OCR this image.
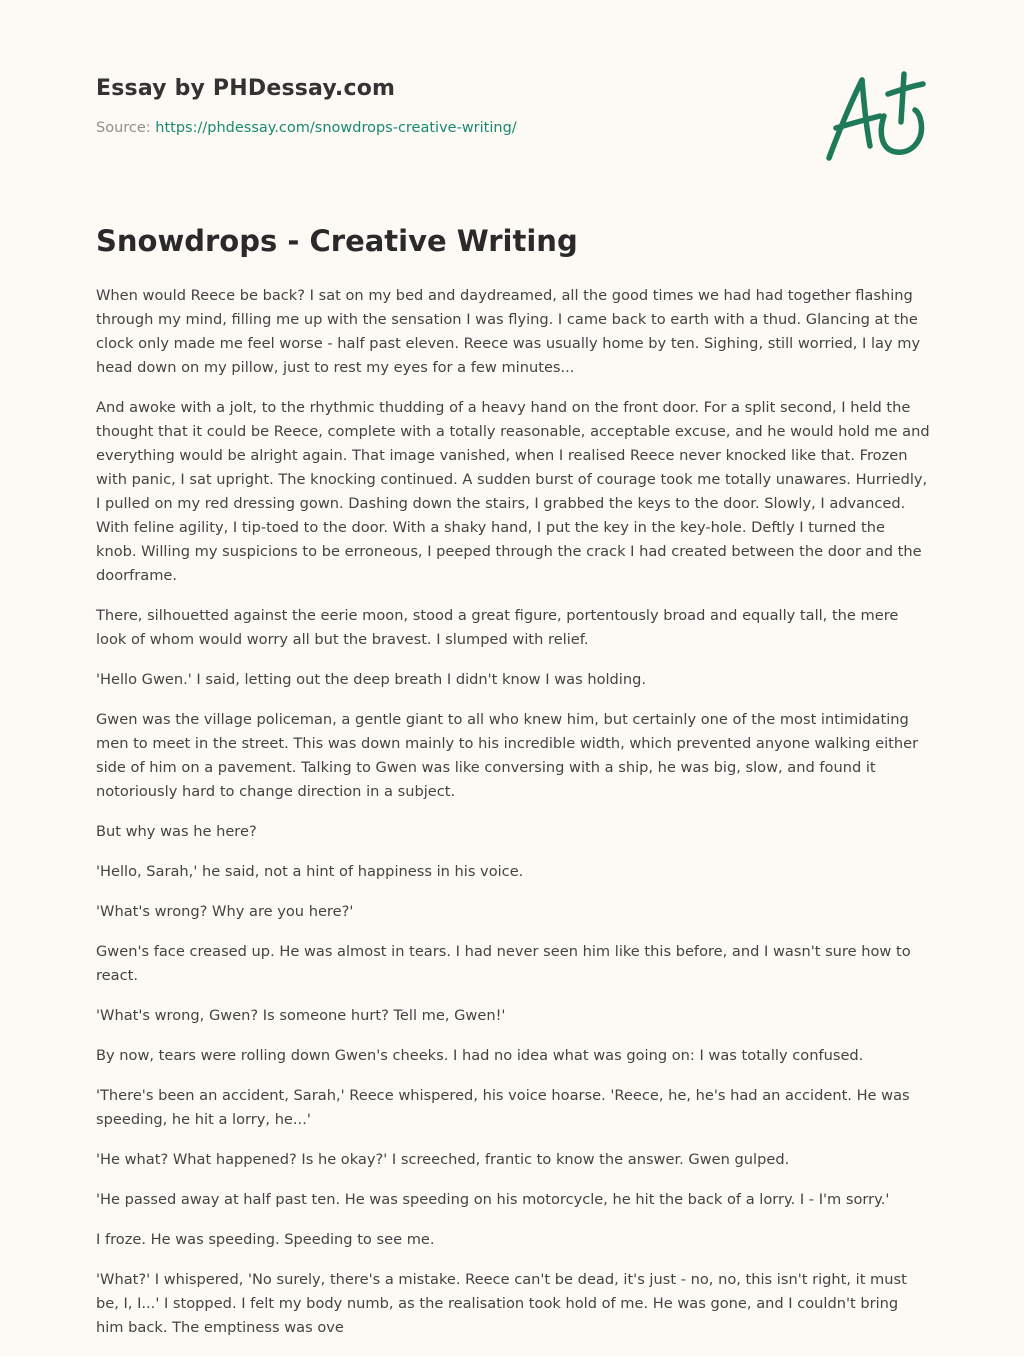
Essay by PHDessay.com
Source: https://phdessay.com/snowdrops-creative-writing/
Snowdrops - Creative Writing

When would Reece be back? I sat on my bed and daydreamed, all the good times we had had together flashing through my mind, filling me up with the sensation I was flying. I came back to earth with a thud. Glancing at the clock only made me feel worse - half past eleven. Reece was usually home by ten. Sighing, still worried, I lay my head down on my pillow, just to rest my eyes for a few minutes...

And awoke with a jolt, to the rhythmic thudding of a heavy hand on the front door. For a split second, I held the thought that it could be Reece, complete with a totally reasonable, acceptable excuse, and he would hold me and everything would be alright again. That image vanished, when I realised Reece never knocked like that. Frozen with panic, I sat upright. The knocking continued. A sudden burst of courage took me totally unawares. Hurriedly, I pulled on my red dressing gown. Dashing down the stairs, I grabbed the keys to the door. Slowly, I advanced. With feline agility, I tip-toed to the door. With a shaky hand, I put the key in the key-hole. Deftly I turned the knob. Willing my suspicions to be erroneous, I peeped through the crack I had created between the door and the doorframe.

There, silhouetted against the eerie moon, stood a great figure, portentously broad and equally tall, the mere look of whom would worry all but the bravest. I slumped with relief.

'Hello Gwen.' I said, letting out the deep breath I didn't know I was holding.

Gwen was the village policeman, a gentle giant to all who knew him, but certainly one of the most intimidating men to meet in the street. This was down mainly to his incredible width, which prevented anyone walking either side of him on a pavement. Talking to Gwen was like conversing with a ship, he was big, slow, and found it notoriously hard to change direction in a subject.

But why was he here?

'Hello, Sarah,' he said, not a hint of happiness in his voice.

'What's wrong? Why are you here?'

Gwen's face creased up. He was almost in tears. I had never seen him like this before, and I wasn't sure how to react.

'What's wrong, Gwen? Is someone hurt? Tell me, Gwen!'

By now, tears were rolling down Gwen's cheeks. I had no idea what was going on: I was totally confused.

'There's been an accident, Sarah,' Reece whispered, his voice hoarse. 'Reece, he, he's had an accident. He was speeding, he hit a lorry, he...'

'He what? What happened? Is he okay?' I screeched, frantic to know the answer. Gwen gulped.

'He passed away at half past ten. He was speeding on his motorcycle, he hit the back of a lorry. I - I'm sorry.'

I froze. He was speeding. Speeding to see me.

'What?' I whispered, 'No surely, there's a mistake. Reece can't be dead, it's just - no, no, this isn't right, it must be, I, I...' I stopped. I felt my body numb, as the realisation took hold of me. He was gone, and I couldn't bring him back. The emptiness was ove
